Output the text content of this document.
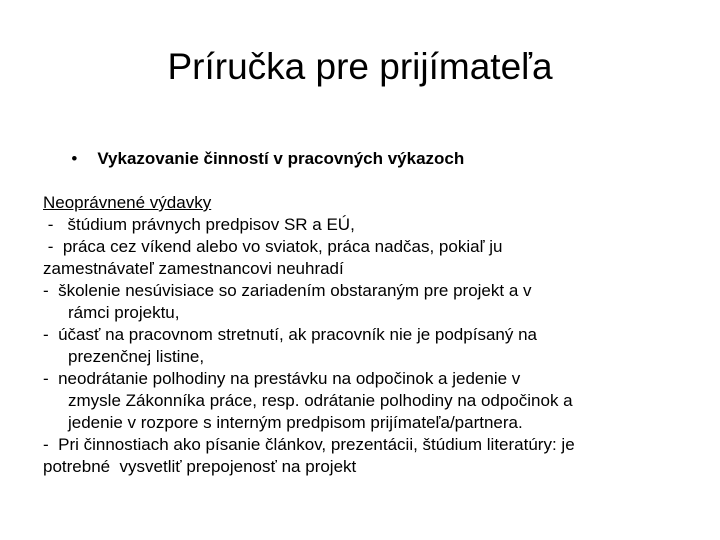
Príručka pre prijímateľa

• Vykazovanie činností v pracovných výkazoch

Neoprávnené výdavky
-   štúdium právnych predpisov SR a EÚ,
-  práca cez víkend alebo vo sviatok, práca nadčas, pokiaľ ju
zamestnávateľ zamestnancovi neuhradí
-  školenie nesúvisiace so zariadením obstaraným pre projekt a v
rámci projektu,
-  účasť na pracovnom stretnutí, ak pracovník nie je podpísaný na
prezenčnej listine,
-  neodrátanie polhodiny na prestávku na odpočinok a jedenie v
zmysle Zákonníka práce, resp. odrátanie polhodiny na odpočinok a
jedenie v rozpore s interným predpisom prijímateľa/partnera.
-  Pri činnostiach ako písanie článkov, prezentácii, štúdium literatúry: je
potrebné  vysvetliť prepojenosť na projekt
